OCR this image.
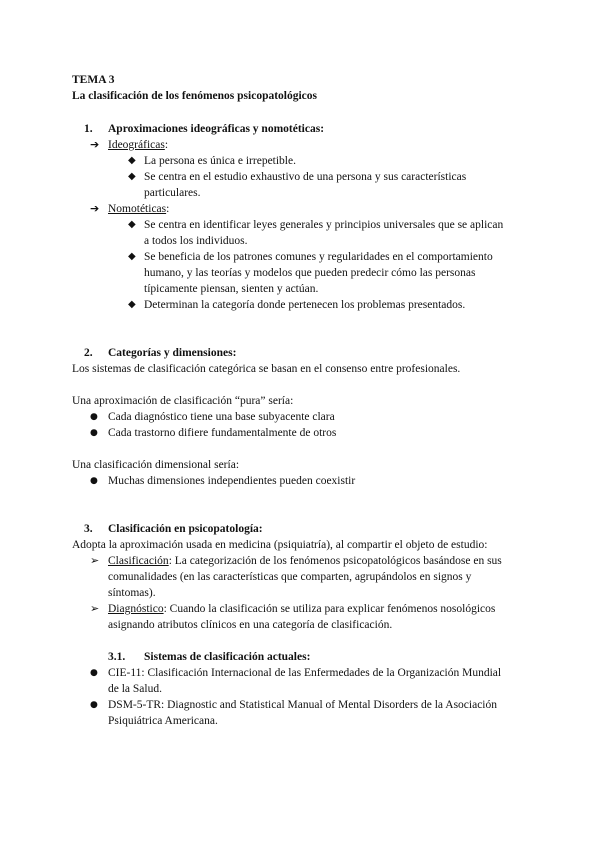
TEMA 3
La clasificación de los fenómenos psicopatológicos
1. Aproximaciones ideográficas y nomotéticas:
➔ Ideográficas:
◆ La persona es única e irrepetible.
◆ Se centra en el estudio exhaustivo de una persona y sus características
particulares.
➔ Nomotéticas:
◆ Se centra en identificar leyes generales y principios universales que se aplican
a todos los individuos.
◆ Se beneficia de los patrones comunes y regularidades en el comportamiento
humano, y las teorías y modelos que pueden predecir cómo las personas
típicamente piensan, sienten y actúan.
◆ Determinan la categoría donde pertenecen los problemas presentados.
2. Categorías y dimensiones:
Los sistemas de clasificación categórica se basan en el consenso entre profesionales.
Una aproximación de clasificación “pura” sería:
● Cada diagnóstico tiene una base subyacente clara
● Cada trastorno difiere fundamentalmente de otros
Una clasificación dimensional sería:
● Muchas dimensiones independientes pueden coexistir
3. Clasificación en psicopatología:
Adopta la aproximación usada en medicina (psiquiatría), al compartir el objeto de estudio:
➢ Clasificación: La categorización de los fenómenos psicopatológicos basándose en sus
comunalidades (en las características que comparten, agrupándolos en signos y
síntomas).
➢ Diagnóstico: Cuando la clasificación se utiliza para explicar fenómenos nosológicos
asignando atributos clínicos en una categoría de clasificación.
3.1. Sistemas de clasificación actuales:
● CIE-11: Clasificación Internacional de las Enfermedades de la Organización Mundial
de la Salud.
● DSM-5-TR: Diagnostic and Statistical Manual of Mental Disorders de la Asociación
Psiquiátrica Americana.
